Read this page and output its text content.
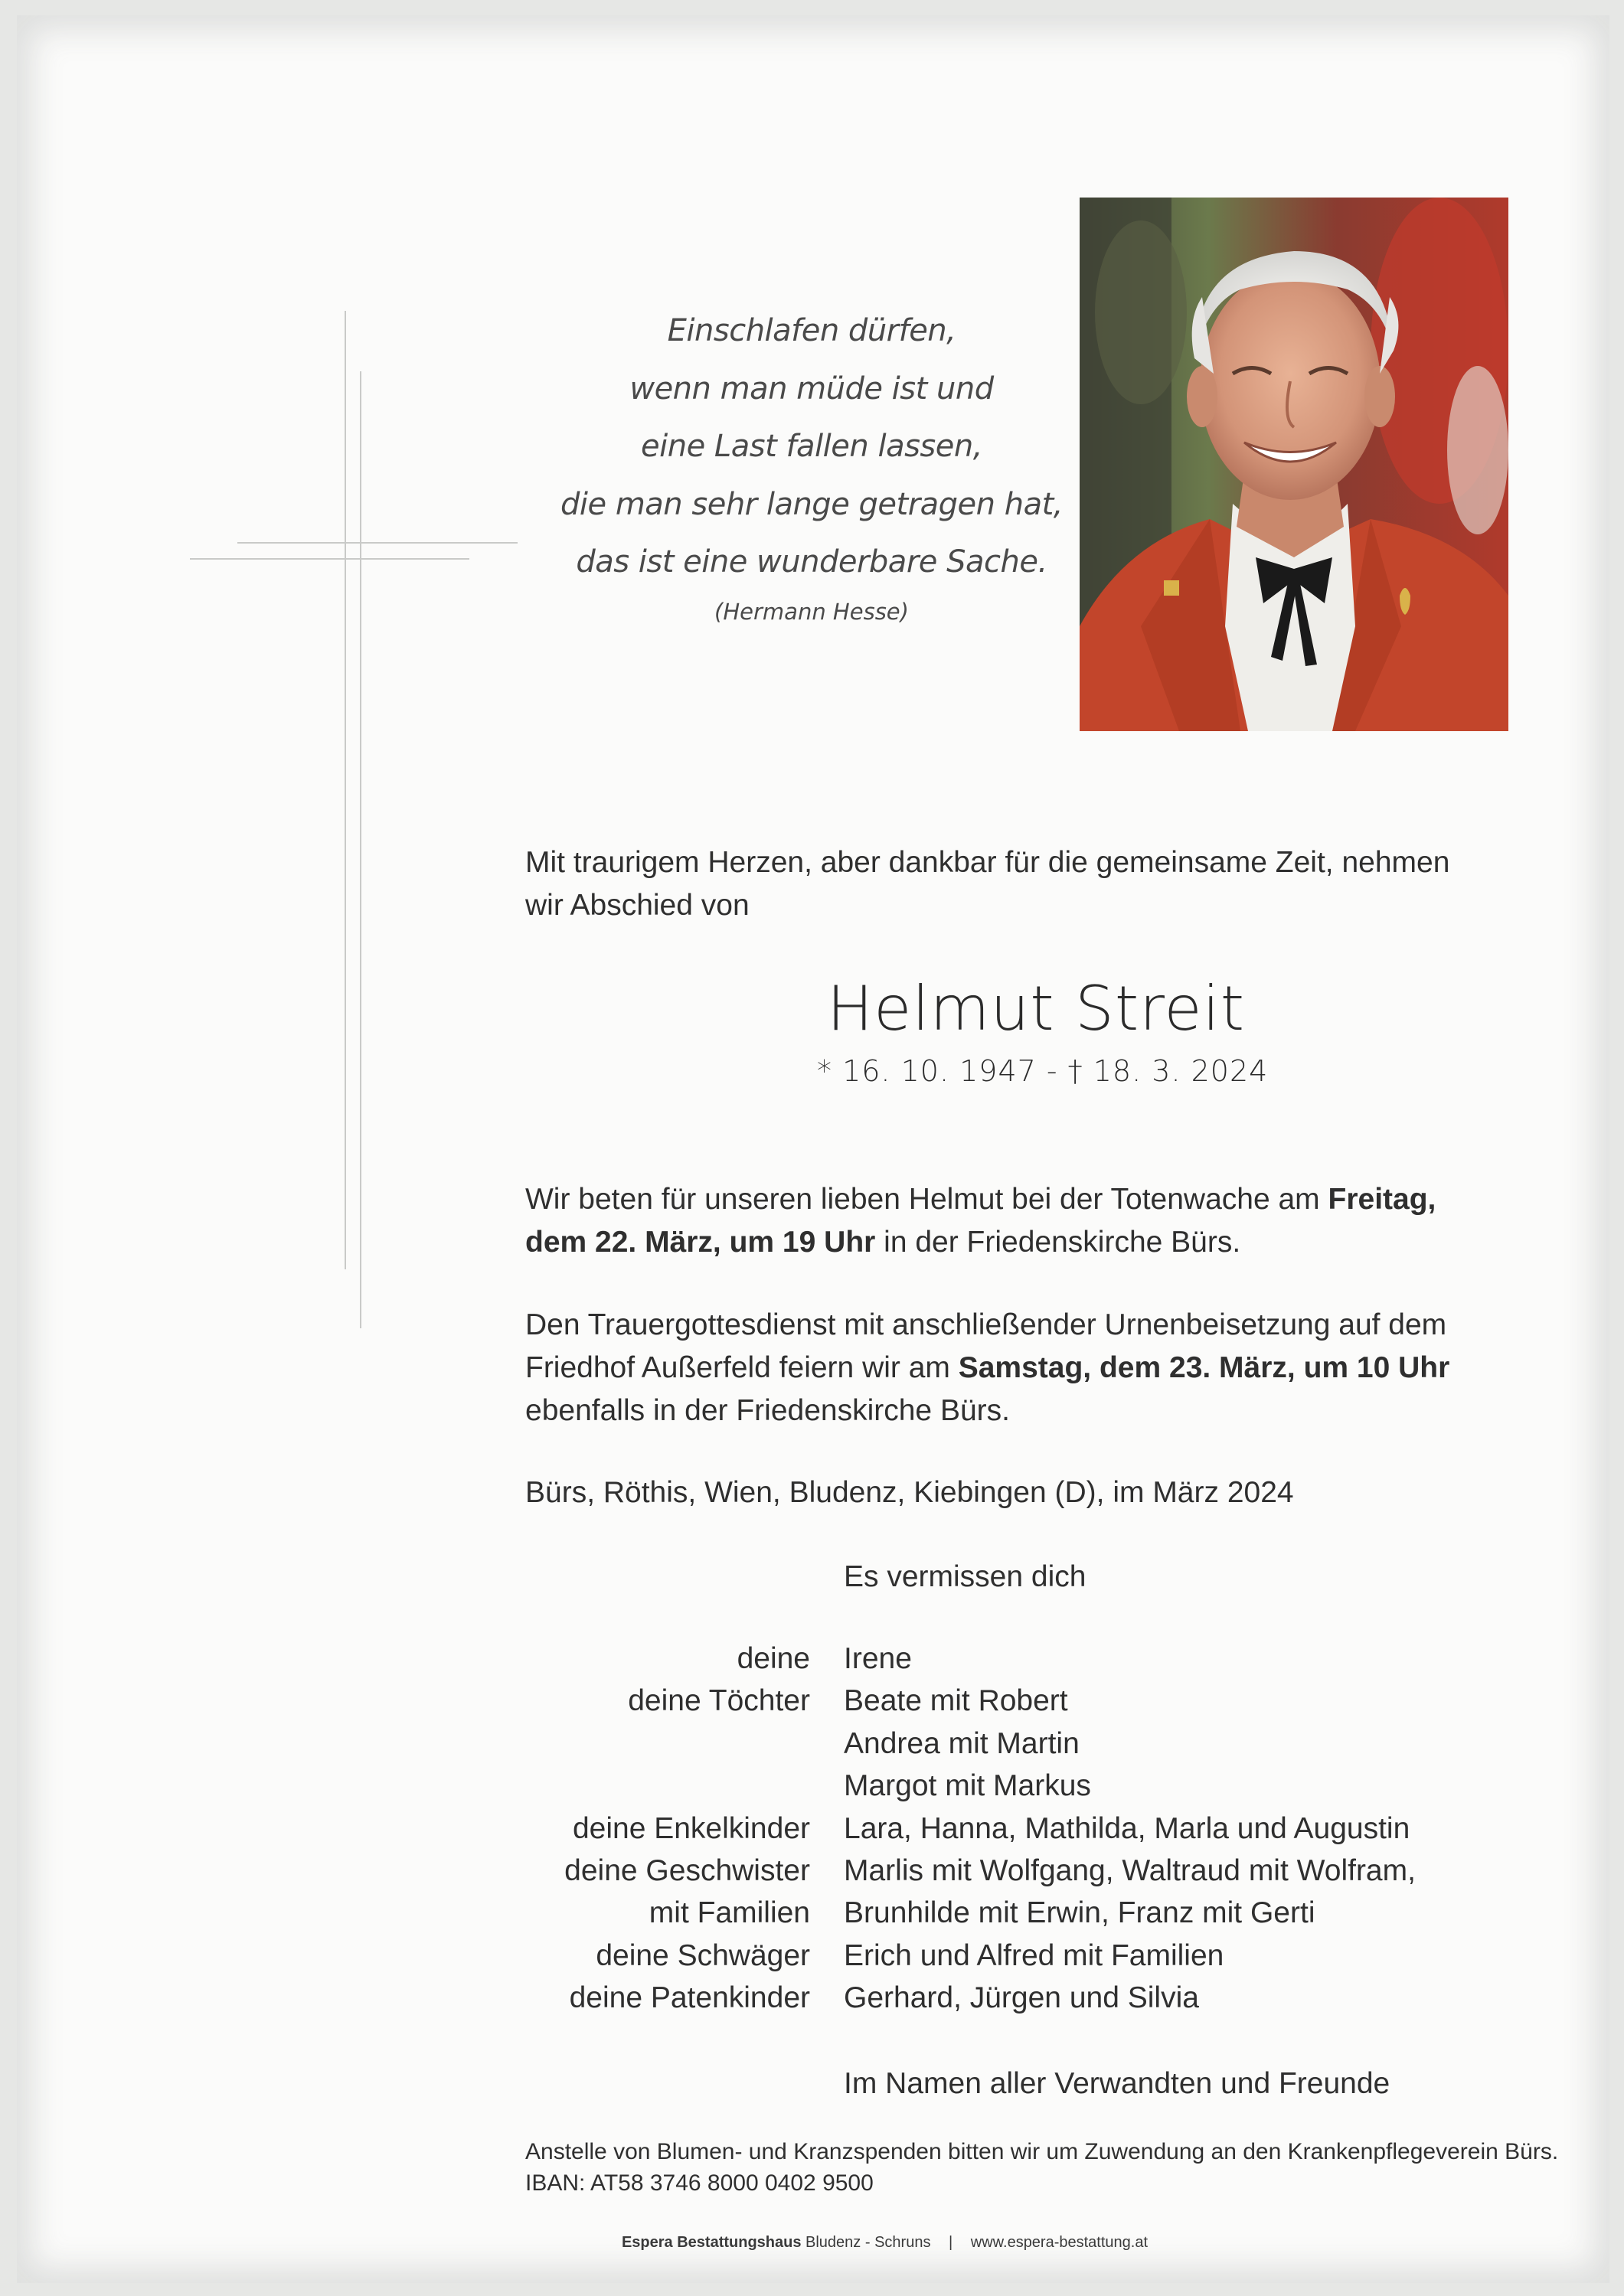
Einschlafen dürfen,
wenn man müde ist und
eine Last fallen lassen,
die man sehr lange getragen hat,
das ist eine wunderbare Sache.
(Hermann Hesse)
Mit traurigem Herzen, aber dankbar für die gemeinsame Zeit, nehmen
wir Abschied von
Helmut Streit
* 16. 10. 1947 - † 18. 3. 2024
Wir beten für unseren lieben Helmut bei der Totenwache am Freitag,
dem 22. März, um 19 Uhr in der Friedenskirche Bürs.
Den Trauergottesdienst mit anschließender Urnenbeisetzung auf dem
Friedhof Außerfeld feiern wir am Samstag, dem 23. März, um 10 Uhr
ebenfalls in der Friedenskirche Bürs.
Bürs, Röthis, Wien, Bludenz, Kiebingen (D), im März 2024
Es vermissen dich
deine
deine Töchter

deine Enkelkinder
deine Geschwister
mit Familien
deine Schwäger
deine Patenkinder
Irene
Beate mit Robert
Andrea mit Martin
Margot mit Markus
Lara, Hanna, Mathilda, Marla und Augustin
Marlis mit Wolfgang, Waltraud mit Wolfram,
Brunhilde mit Erwin, Franz mit Gerti
Erich und Alfred mit Familien
Gerhard, Jürgen und Silvia
Im Namen aller Verwandten und Freunde
Anstelle von Blumen- und Kranzspenden bitten wir um Zuwendung an den Krankenpflegeverein Bürs.
IBAN: AT58 3746 8000 0402 9500
Espera Bestattungshaus Bludenz - Schruns | www.espera-bestattung.at
